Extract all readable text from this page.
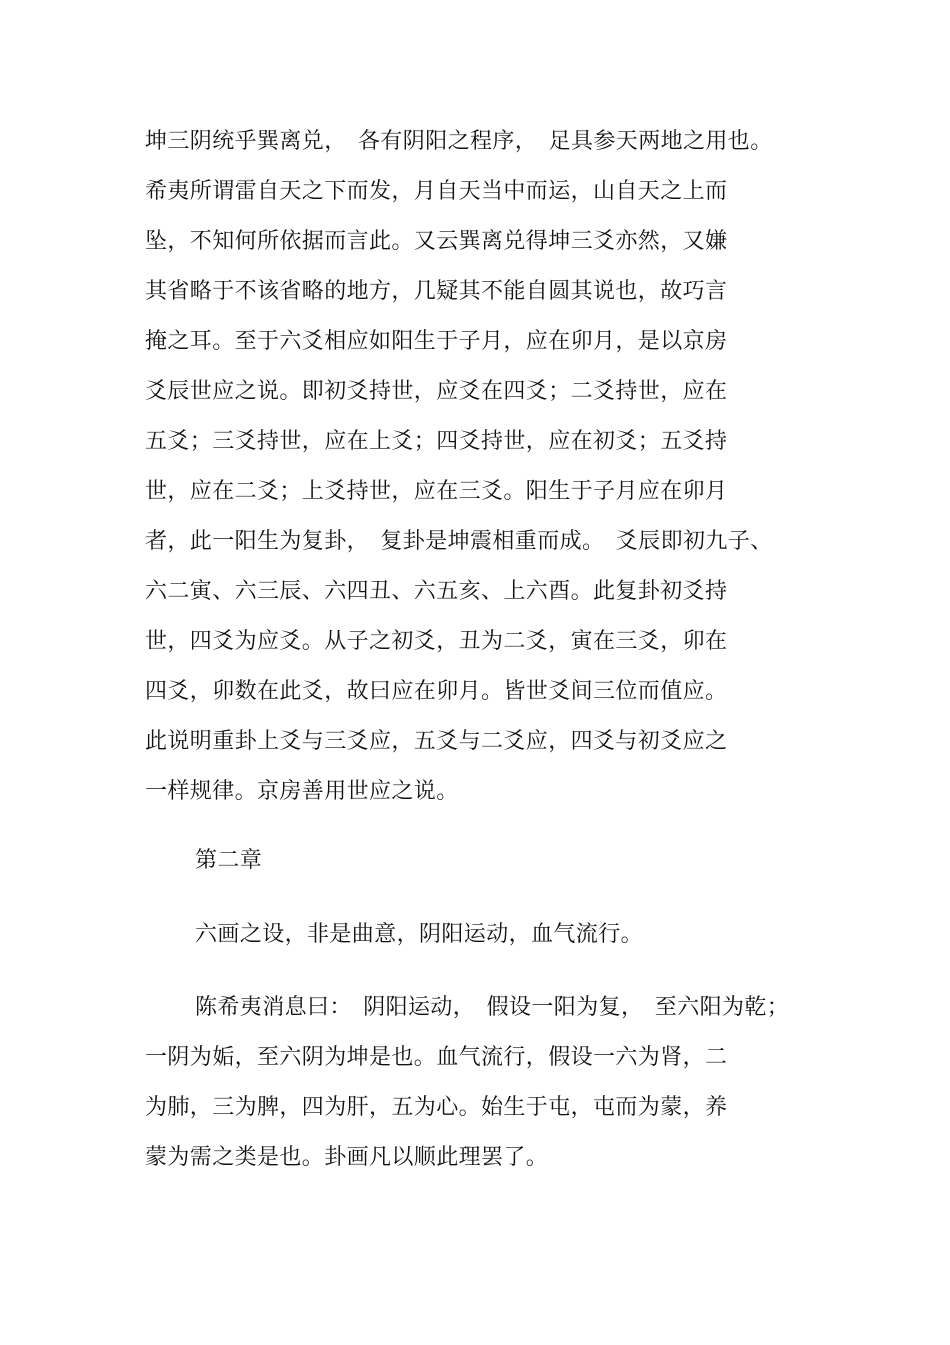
坤三阴统乎巽离兑，　各有阴阳之程序，　足具参天两地之用也。
希夷所谓雷自天之下而发，月自天当中而运，山自天之上而
坠，不知何所依据而言此。又云巽离兑得坤三爻亦然，又嫌
其省略于不该省略的地方，几疑其不能自圆其说也，故巧言
掩之耳。至于六爻相应如阳生于子月，应在卯月，是以京房
爻辰世应之说。即初爻持世，应爻在四爻；二爻持世，应在
五爻；三爻持世，应在上爻；四爻持世，应在初爻；五爻持
世，应在二爻；上爻持世，应在三爻。阳生于子月应在卯月
者，此一阳生为复卦，　复卦是坤震相重而成。　爻辰即初九子、
六二寅、六三辰、六四丑、六五亥、上六酉。此复卦初爻持
世，四爻为应爻。从子之初爻，丑为二爻，寅在三爻，卯在
四爻，卯数在此爻，故曰应在卯月。皆世爻间三位而值应。
此说明重卦上爻与三爻应，五爻与二爻应，四爻与初爻应之
一样规律。京房善用世应之说。
第二章
六画之设，非是曲意，阴阳运动，血气流行。
陈希夷消息曰：　阴阳运动，　假设一阳为复，　至六阳为乾；
一阴为姤，至六阴为坤是也。血气流行，假设一六为肾，二
为肺，三为脾，四为肝，五为心。始生于屯，屯而为蒙，养
蒙为需之类是也。卦画凡以顺此理罢了。
